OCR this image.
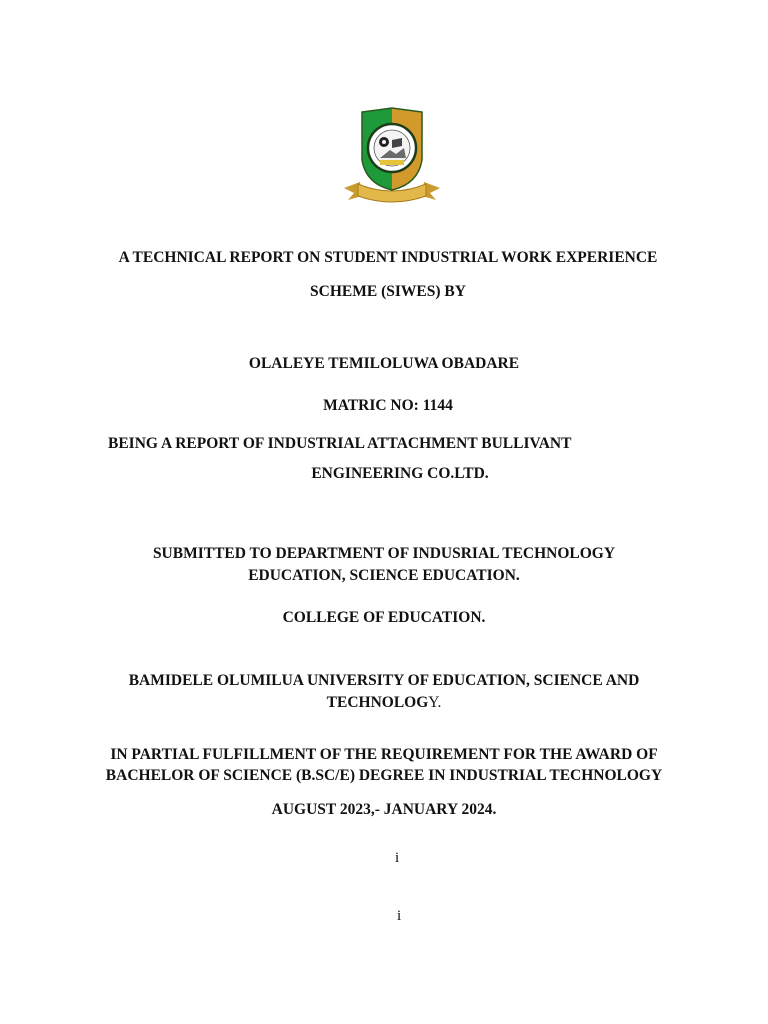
A TECHNICAL REPORT ON STUDENT INDUSTRIAL WORK EXPERIENCE
SCHEME (SIWES) BY
OLALEYE TEMILOLUWA OBADARE
MATRIC NO: 1144
BEING A REPORT OF INDUSTRIAL ATTACHMENT BULLIVANT
ENGINEERING CO.LTD.
SUBMITTED TO DEPARTMENT OF INDUSRIAL TECHNOLOGY
EDUCATION, SCIENCE EDUCATION.
COLLEGE OF EDUCATION.
BAMIDELE OLUMILUA UNIVERSITY OF EDUCATION, SCIENCE AND
TECHNOLOGY.
IN PARTIAL FULFILLMENT OF THE REQUIREMENT FOR THE AWARD OF
BACHELOR OF SCIENCE (B.SC/E) DEGREE IN INDUSTRIAL TECHNOLOGY
AUGUST 2023,- JANUARY 2024.
i
i
